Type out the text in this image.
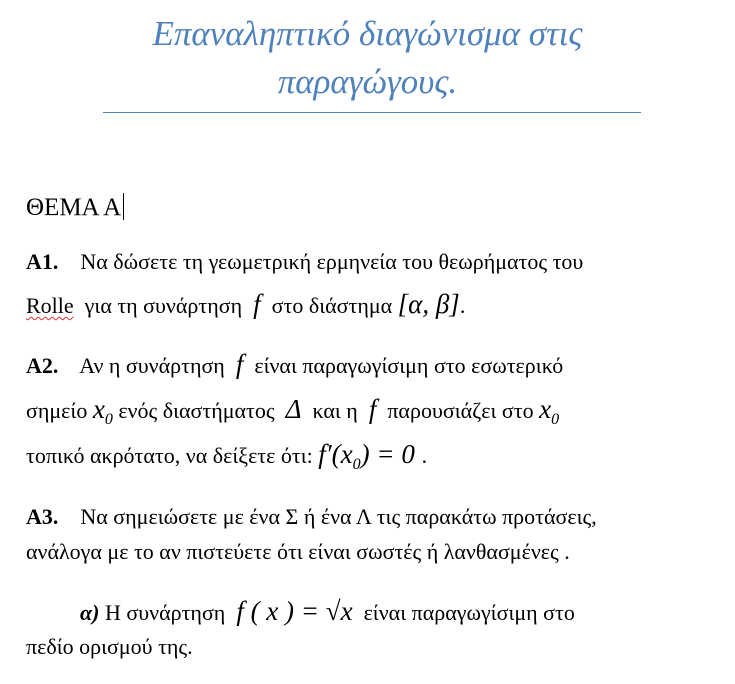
Επαναληπτικό διαγώνισμα στις
παραγώγους.
ΘΕΜΑ Α
Α1. Να δώσετε τη γεωμετρική ερμηνεία του θεωρήματος του
Rolle για τη συνάρτηση f στο διάστημα [α, β].
Α2. Αν η συνάρτηση f είναι παραγωγίσιμη στο εσωτερικό
σημείο $x_0$ ενός διαστήματος Δ και η f παρουσιάζει στο $x_0$
τοπικό ακρότατο, να δείξετε ότι: $f'(x_0) = 0$ .
Α3. Να σημειώσετε με ένα Σ ή ένα Λ τις παρακάτω προτάσεις,
ανάλογα με το αν πιστεύετε ότι είναι σωστές ή λανθασμένες .
α) Η συνάρτηση f ( x ) = √x είναι παραγωγίσιμη στο
πεδίο ορισμού της.
